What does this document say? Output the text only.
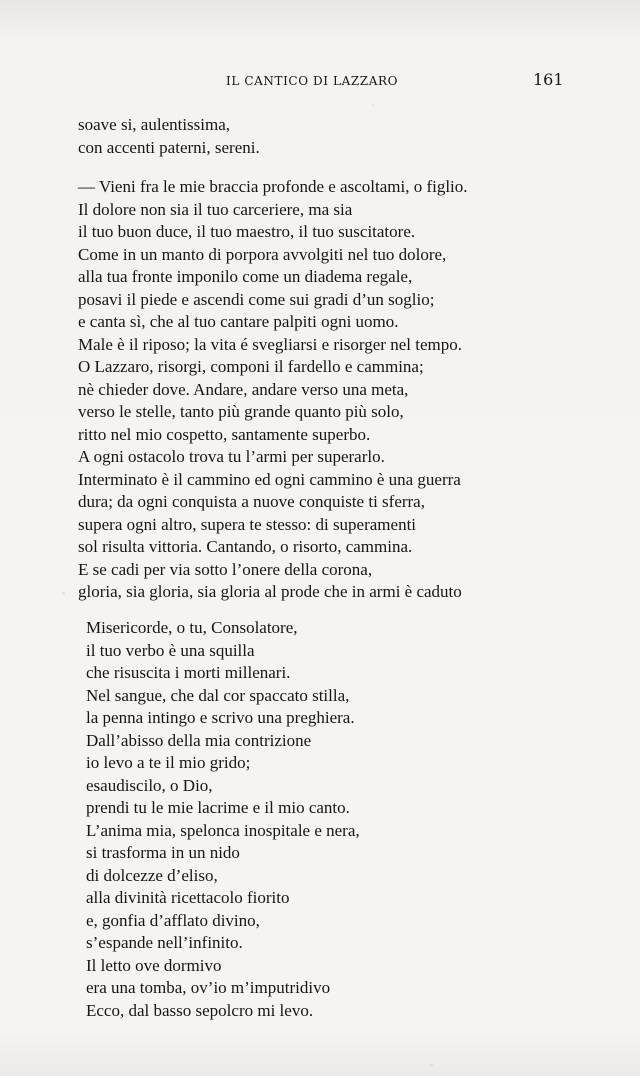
IL CANTICO DI LAZZARO	161
soave si, aulentissima,
con accenti paterni, sereni.
— Vieni fra le mie braccia profonde e ascoltami, o figlio.
Il dolore non sia il tuo carceriere, ma sia
il tuo buon duce, il tuo maestro, il tuo suscitatore.
Come in un manto di porpora avvolgiti nel tuo dolore,
alla tua fronte imponilo come un diadema regale,
posavi il piede e ascendi come sui gradi d’un soglio;
e canta sì, che al tuo cantare palpiti ogni uomo.
Male è il riposo; la vita é svegliarsi e risorger nel tempo.
O Lazzaro, risorgi, componi il fardello e cammina;
nè chieder dove. Andare, andare verso una meta,
verso le stelle, tanto più grande quanto più solo,
ritto nel mio cospetto, santamente superbo.
A ogni ostacolo trova tu l’armi per superarlo.
Interminato è il cammino ed ogni cammino è una guerra
dura; da ogni conquista a nuove conquiste ti sferra,
supera ogni altro, supera te stesso: di superamenti
sol risulta vittoria. Cantando, o risorto, cammina.
E se cadi per via sotto l’onere della corona,
gloria, sia gloria, sia gloria al prode che in armi è caduto
Misericorde, o tu, Consolatore,
il tuo verbo è una squilla
che risuscita i morti millenari.
Nel sangue, che dal cor spaccato stilla,
la penna intingo e scrivo una preghiera.
Dall’abisso della mia contrizione
io levo a te il mio grido;
esaudiscilo, o Dio,
prendi tu le mie lacrime e il mio canto.
L’anima mia, spelonca inospitale e nera,
si trasforma in un nido
di dolcezze d’eliso,
alla divinità ricettacolo fiorito
e, gonfia d’afflato divino,
s’espande nell’infinito.
Il letto ove dormivo
era una tomba, ov’io m’imputridivo
Ecco, dal basso sepolcro mi levo.
